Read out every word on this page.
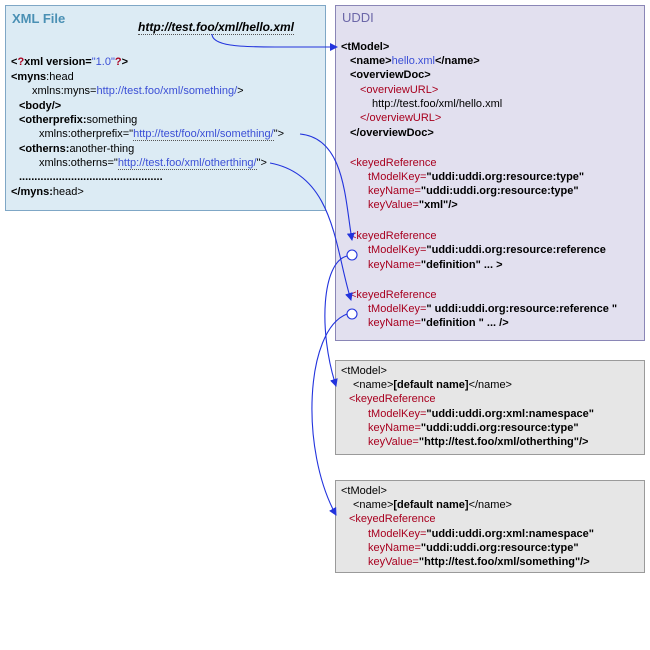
XML File
<?xml version="1.0"?>
<myns:head
xmlns:myns=http://test.foo/xml/something/>
<body/>
<otherprefix:something
xmlns:otherprefix="http://test/foo/xml/something/">
<otherns:another-thing
xmlns:otherns="http://test.foo/xml/otherthing/">
...............................................
</myns:head>
http://test.foo/xml/hello.xml
UDDI
<tModel>
<name>hello.xml</name>
<overviewDoc>
<overviewURL>
http://test.foo/xml/hello.xml
</overviewURL>
</overviewDoc>
<keyedReference
tModelKey="uddi:uddi.org:resource:type"
keyName="uddi:uddi.org:resource:type"
keyValue="xml"/>
<keyedReference
tModelKey="uddi:uddi.org:resource:reference
keyName="definition" ... >
<keyedReference
tModelKey=" uddi:uddi.org:resource:reference "
keyName="definition " ... />
<tModel>
<name>[default name]</name>
<keyedReference
tModelKey="uddi:uddi.org:xml:namespace"
keyName="uddi:uddi.org:resource:type"
keyValue="http://test.foo/xml/otherthing"/>
<tModel>
<name>[default name]</name>
<keyedReference
tModelKey="uddi:uddi.org:xml:namespace"
keyName="uddi:uddi.org:resource:type"
keyValue="http://test.foo/xml/something"/>
